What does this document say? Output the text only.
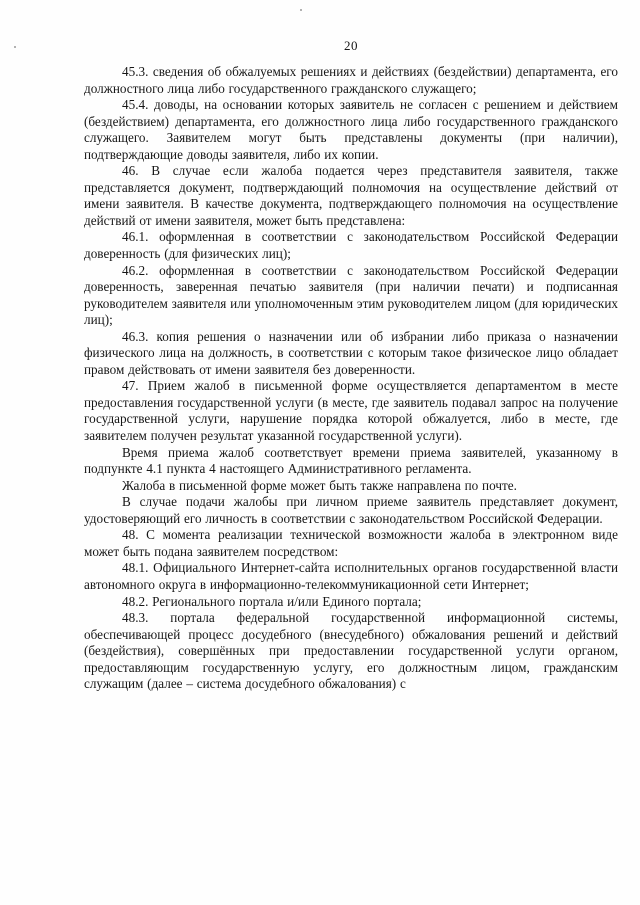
20

45.3. сведения об обжалуемых решениях и действиях (бездействии) департамента, его должностного лица либо государственного гражданского служащего;

45.4. доводы, на основании которых заявитель не согласен с решением и действием (бездействием) департамента, его должностного лица либо государственного гражданского служащего. Заявителем могут быть представлены документы (при наличии), подтверждающие доводы заявителя, либо их копии.

46. В случае если жалоба подается через представителя заявителя, также представляется документ, подтверждающий полномочия на осуществление действий от имени заявителя. В качестве документа, подтверждающего полномочия на осуществление действий от имени заявителя, может быть представлена:

46.1. оформленная в соответствии с законодательством Российской Федерации доверенность (для физических лиц);

46.2. оформленная в соответствии с законодательством Российской Федерации доверенность, заверенная печатью заявителя (при наличии печати) и подписанная руководителем заявителя или уполномоченным этим руководителем лицом (для юридических лиц);

46.3. копия решения о назначении или об избрании либо приказа о назначении физического лица на должность, в соответствии с которым такое физическое лицо обладает правом действовать от имени заявителя без доверенности.

47. Прием жалоб в письменной форме осуществляется департаментом в месте предоставления государственной услуги (в месте, где заявитель подавал запрос на получение государственной услуги, нарушение порядка которой обжалуется, либо в месте, где заявителем получен результат указанной государственной услуги).

Время приема жалоб соответствует времени приема заявителей, указанному в подпункте 4.1 пункта 4 настоящего Административного регламента.

Жалоба в письменной форме может быть также направлена по почте.

В случае подачи жалобы при личном приеме заявитель представляет документ, удостоверяющий его личность в соответствии с законодательством Российской Федерации.

48. С момента реализации технической возможности жалоба в электронном виде может быть подана заявителем посредством:

48.1. Официального Интернет-сайта исполнительных органов государственной власти автономного округа в информационно-телекоммуникационной сети Интернет;

48.2. Регионального портала и/или Единого портала;

48.3. портала федеральной государственной информационной системы, обеспечивающей процесс досудебного (внесудебного) обжалования решений и действий (бездействия), совершённых при предоставлении государственной услуги органом, предоставляющим государственную услугу, его должностным лицом, гражданским служащим (далее – система досудебного обжалования) с
